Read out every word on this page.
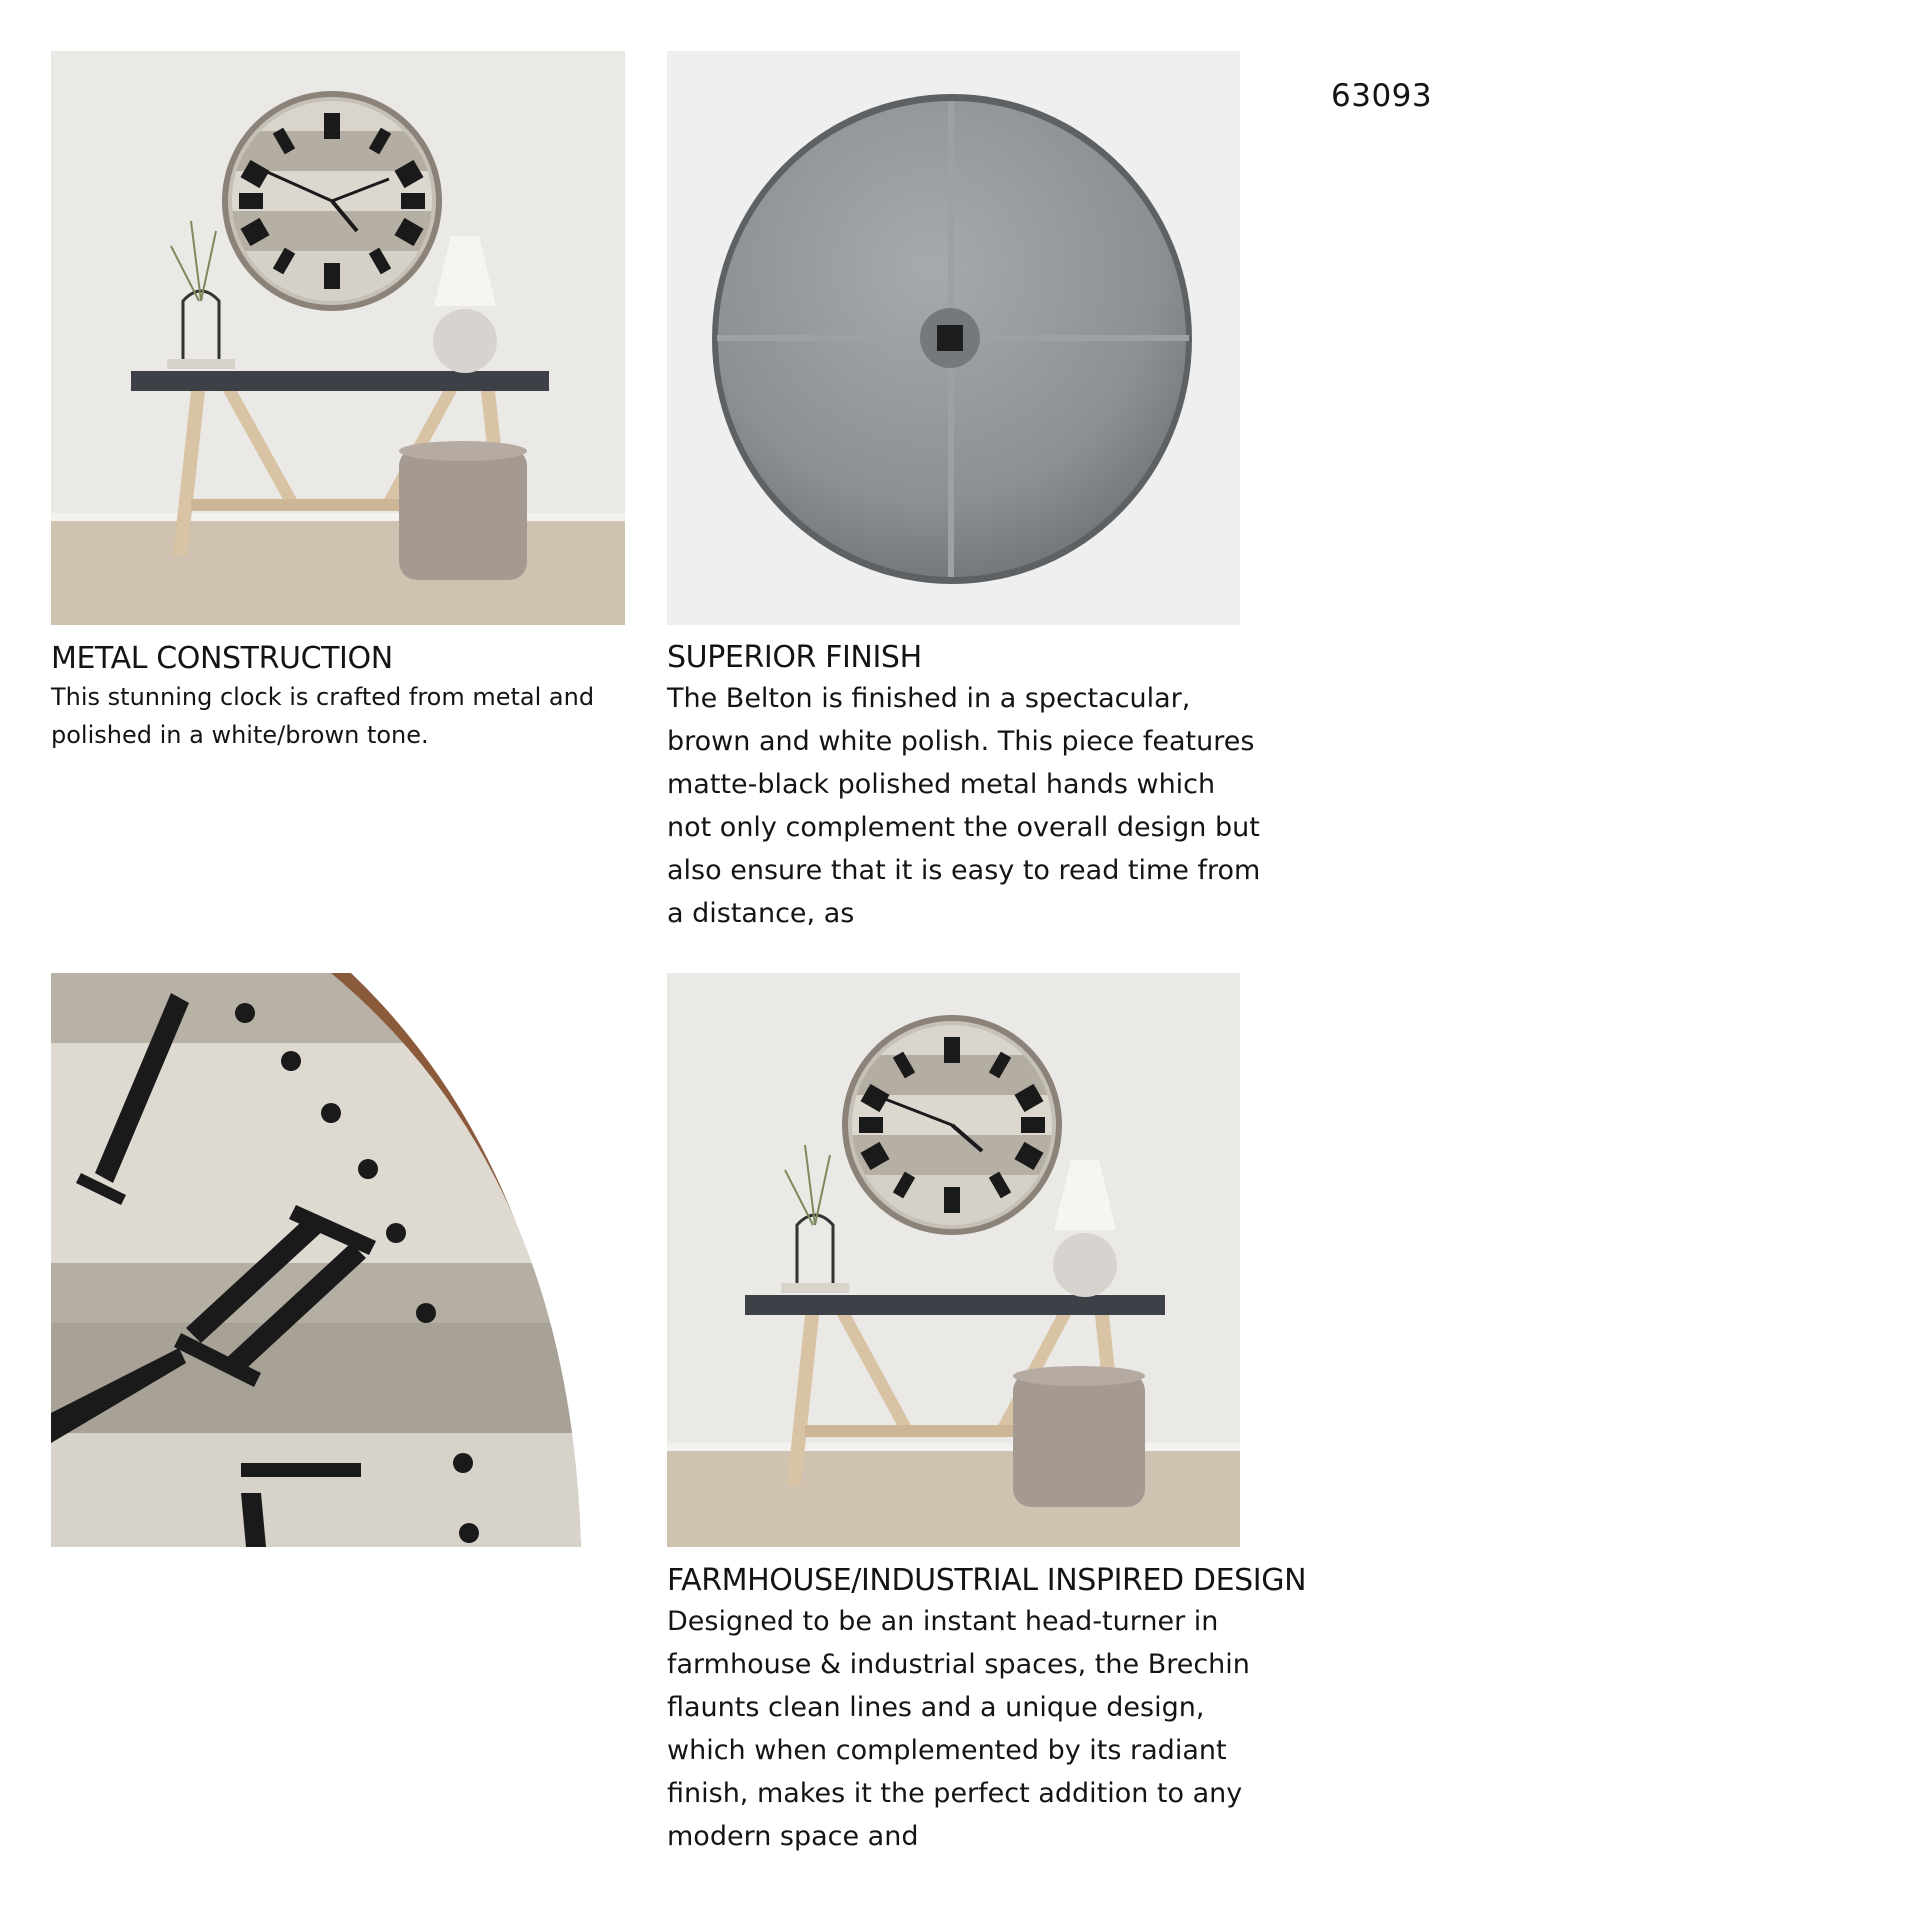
63093
METAL CONSTRUCTION

This stunning clock is crafted from metal and polished in a white/brown tone.

SUPERIOR FINISH

The Belton is finished in a spectacular, brown and white polish. This piece features matte-black polished metal hands which not only complement the overall design but also ensure that it is easy to read time from a distance, as

FARMHOUSE/INDUSTRIAL INSPIRED DESIGN

Designed to be an instant head-turner in farmhouse & industrial spaces, the Brechin flaunts clean lines and a unique design, which when complemented by its radiant finish, makes it the perfect addition to any modern space and
